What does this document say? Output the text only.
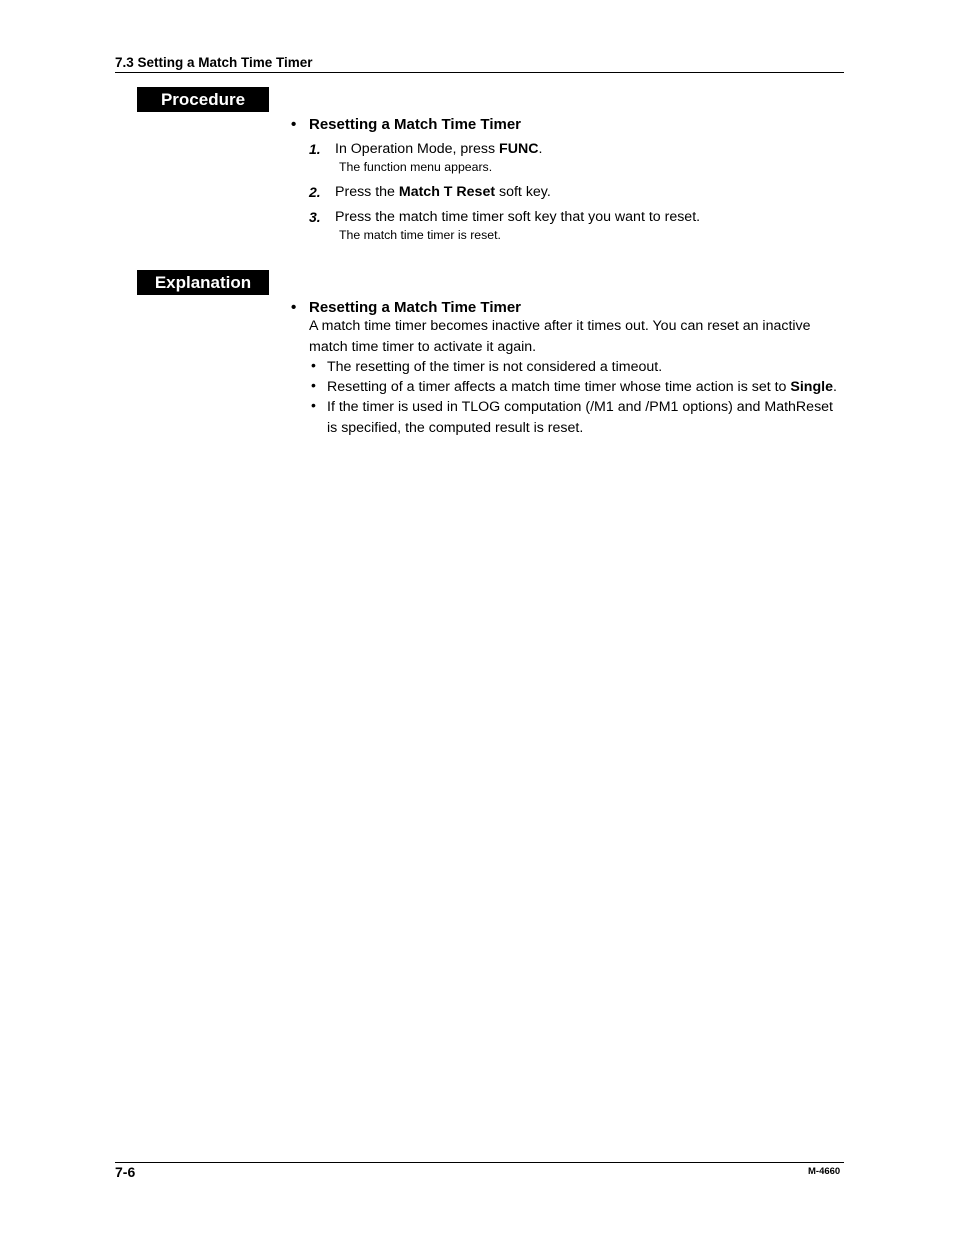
7.3 Setting a Match Time Timer
Procedure
• Resetting a Match Time Timer
1. In Operation Mode, press FUNC.
The function menu appears.
2. Press the Match T Reset soft key.
3. Press the match time timer soft key that you want to reset.
The match time timer is reset.
Explanation
• Resetting a Match Time Timer
A match time timer becomes inactive after it times out. You can reset an inactive match time timer to activate it again.
• The resetting of the timer is not considered a timeout.
• Resetting of a timer affects a match time timer whose time action is set to Single.
• If the timer is used in TLOG computation (/M1 and /PM1 options) and MathReset is specified, the computed result is reset.
7-6	M-4660
